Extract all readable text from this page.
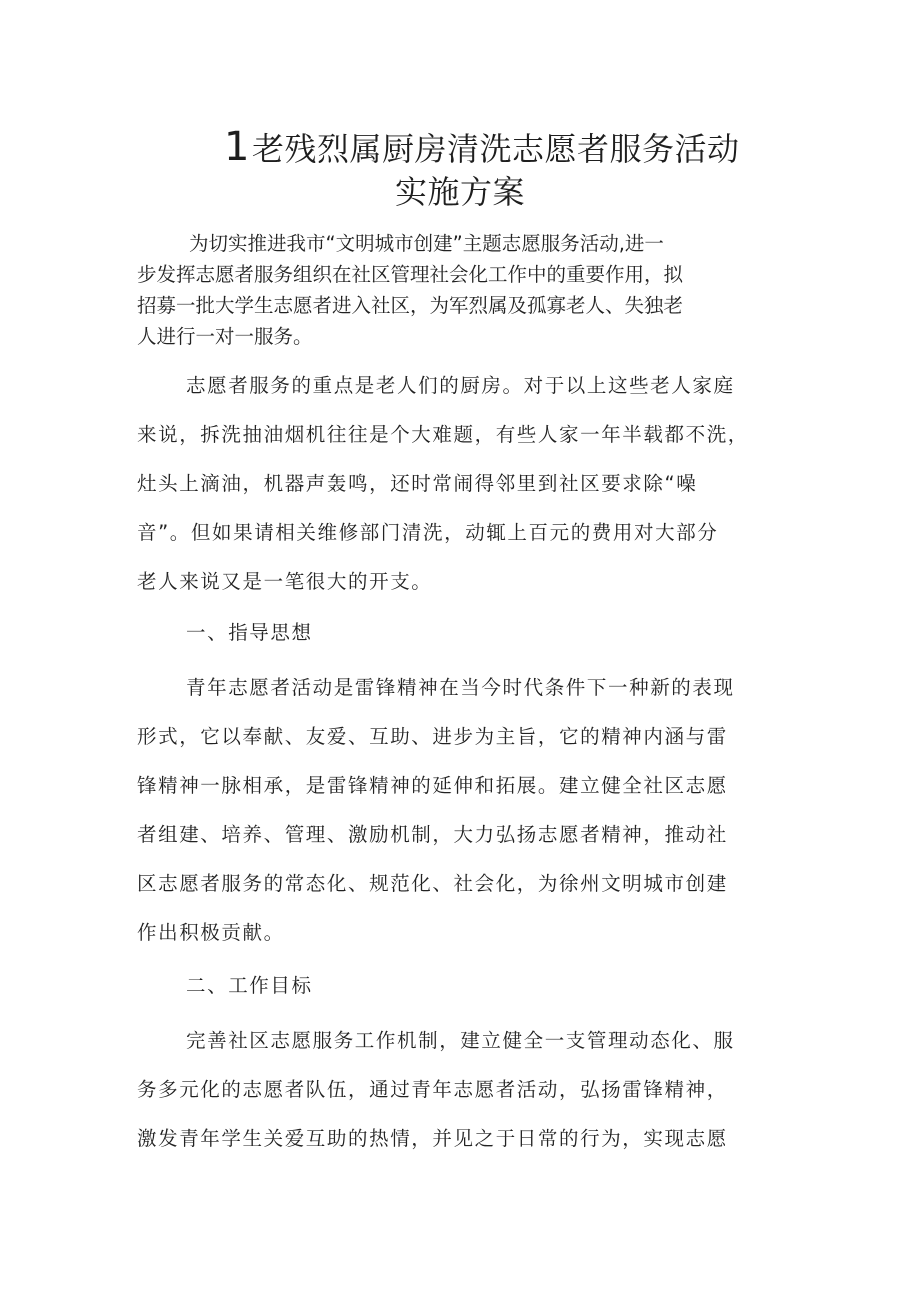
1老残烈属厨房清洗志愿者服务活动
实施方案
为切实推进我市“文明城市创建”主题志愿服务活动,进一
步发挥志愿者服务组织在社区管理社会化工作中的重要作用，拟
招募一批大学生志愿者进入社区，为军烈属及孤寡老人、失独老
人进行一对一服务。
志愿者服务的重点是老人们的厨房。对于以上这些老人家庭
来说，拆洗抽油烟机往往是个大难题，有些人家一年半载都不洗，
灶头上滴油，机器声轰鸣，还时常闹得邻里到社区要求除“噪
音”。但如果请相关维修部门清洗，动辄上百元的费用对大部分
老人来说又是一笔很大的开支。
一、指导思想
青年志愿者活动是雷锋精神在当今时代条件下一种新的表现
形式，它以奉献、友爱、互助、进步为主旨，它的精神内涵与雷
锋精神一脉相承，是雷锋精神的延伸和拓展。建立健全社区志愿
者组建、培养、管理、激励机制，大力弘扬志愿者精神，推动社
区志愿者服务的常态化、规范化、社会化，为徐州文明城市创建
作出积极贡献。
二、工作目标
完善社区志愿服务工作机制，建立健全一支管理动态化、服
务多元化的志愿者队伍，通过青年志愿者活动，弘扬雷锋精神，
激发青年学生关爱互助的热情，并见之于日常的行为，实现志愿
